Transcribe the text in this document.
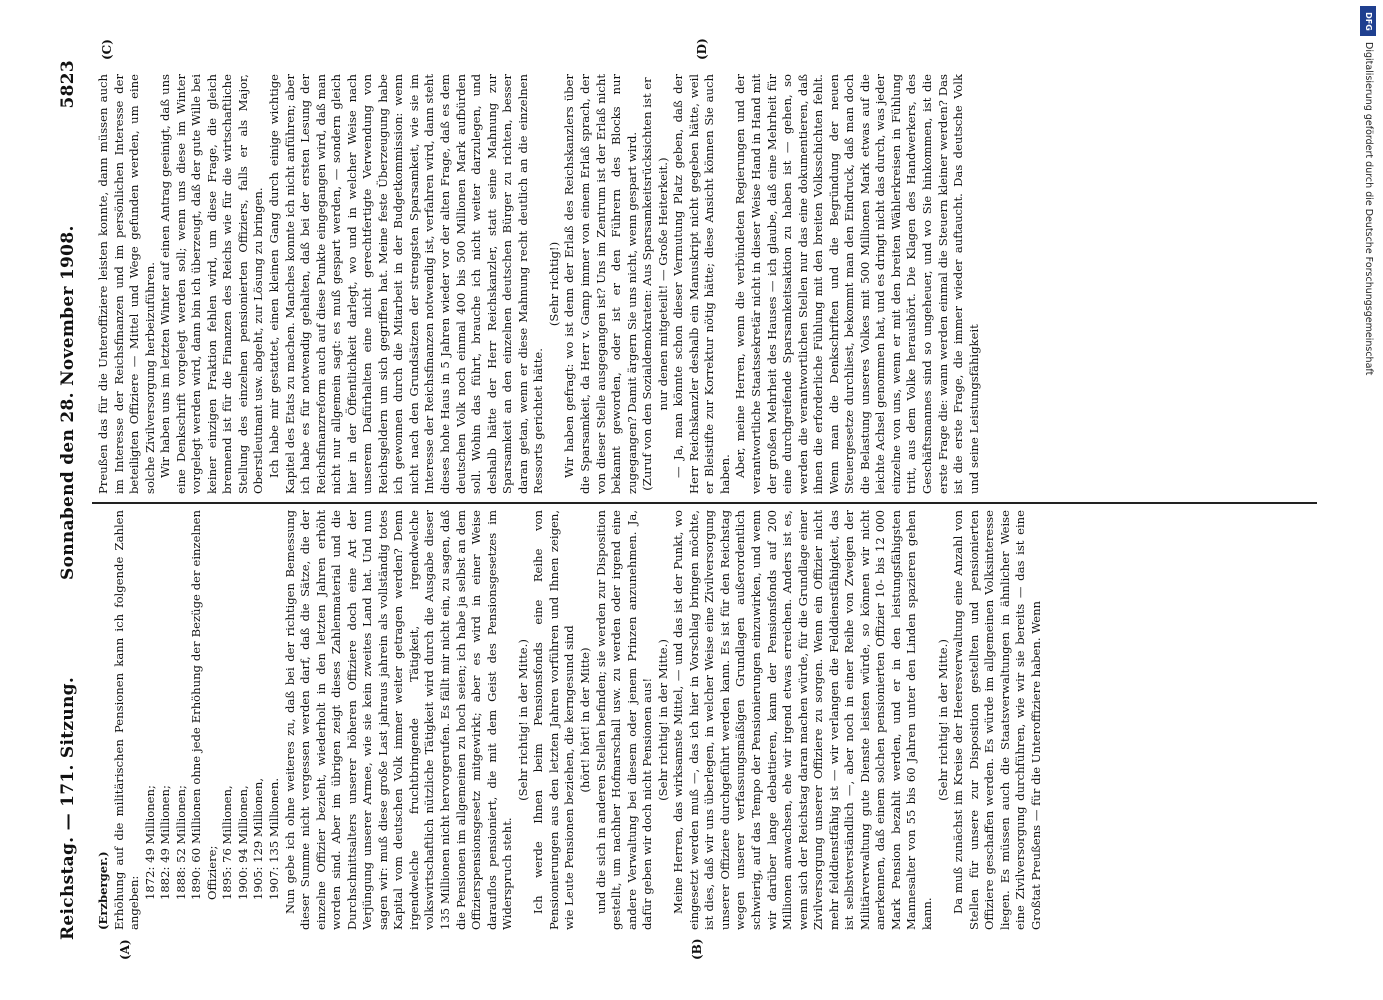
Reichstag. — 171. Sitzung.
Sonnabend den 28. November 1908.
5823
(A)	(B)
(C)	(D)

(Erzberger.) Erhöhung auf die militärischen Pensionen kann ich folgende Zahlen angeben:

1872: 49 Millionen; 1882: 49 Millionen; 1888: 52 Millionen; 1890: 60 Millionen ohne jede Erhöhung der Bezüge der einzelnen Offiziere; 1895: 76 Millionen, 1900: 94 Millionen, 1905: 129 Millionen, 1907: 135 Millionen. Nun gebe ich ohne weiteres zu, daß bei der richtigen Bemessung dieser Summe nicht vergessen werden darf, daß die Sätze, die der einzelne Offizier bezieht, wiederholt in den letzten Jahren erhöht worden sind. Aber im übrigen zeigt dieses Zahlenmaterial und die Durchschnittsalters unserer höheren Offiziere doch eine Art der Verjüngung unserer Armee, wie sie kein zweites Land hat. Und nun sagen wir: muß diese große Last jahraus jahrein als vollständig totes Kapital vom deutschen Volk immer weiter getragen werden? Denn irgendwelche fruchtbringende Tätigkeit, irgendwelche volkswirtschaftlich nützliche Tätigkeit wird durch die Ausgabe dieser 135 Millionen nicht hervorgerufen. Es fällt mir nicht ein, zu sagen, daß die Pensionen im allgemeinen zu hoch seien; ich habe ja selbst an dem Offizierspensionsgesetz mitgewirkt; aber es wird in einer Weise darauflos pensioniert, die mit dem Geist des Pensionsgesetzes im Widerspruch steht.

(Sehr richtig! in der Mitte.) Ich werde Ihnen beim Pensionsfonds eine Reihe von Pensionierungen aus den letzten Jahren vorführen und Ihnen zeigen, wie Leute Pensionen beziehen, die kerngesund sind (hört! hört! in der Mitte) und die sich in anderen Stellen befinden; sie werden zur Disposition gestellt, um nachher Hofmarschall usw. zu werden oder irgend eine andere Verwaltung bei diesem oder jenem Prinzen anzunehmen. Ja, dafür geben wir doch nicht Pensionen aus! (Sehr richtig! in der Mitte.) Meine Herren, das wirksamste Mittel, — und das ist der Punkt, wo eingesetzt werden muß —, das ich hier in Vorschlag bringen möchte, ist dies, daß wir uns überlegen, in welcher Weise eine Zivilversorgung unserer Offiziere durchgeführt werden kann. Es ist für den Reichstag wegen unserer verfassungsmäßigen Grundlagen außerordentlich schwierig, auf das Tempo der Pensionierungen einzuwirken, und wenn wir darüber lange debattieren, kann der Pensionsfonds auf 200 Millionen anwachsen, ehe wir irgend etwas erreichen. Anders ist es, wenn sich der Reichstag daran machen würde, für die Grundlage einer Zivilversorgung unserer Offiziere zu sorgen. Wenn ein Offizier nicht mehr felddienstfähig ist — wir verlangen die Felddienstfähigkeit, das ist selbstverständlich —, aber noch in einer Reihe von Zweigen der Militärverwaltung gute Dienste leisten würde, so können wir nicht anerkennen, daß einem solchen pensionierten Offizier 10- bis 12 000 Mark Pension bezahlt werden, und er in den leistungsfähigsten Mannesalter von 55 bis 60 Jahren unter den Linden spazieren gehen kann.

(Sehr richtig! in der Mitte.) Da muß zunächst im Kreise der Heeresverwaltung eine Anzahl von Stellen für unsere zur Disposition gestellten und pensionierten Offiziere geschaffen werden. Es würde im allgemeinen Volksinteresse liegen. Es müssen auch die Staatsverwaltungen in ähnlicher Weise eine Zivilversorgung durchführen, wie wir sie bereits — das ist eine Großtat Preußens — für die Unteroffiziere haben. Wenn

Preußen das für die Unteroffiziere leisten konnte, dann müssen auch im Interesse der Reichsfinanzen und im persönlichen Interesse der beteiligten Offiziere — Mittel und Wege gefunden werden, um eine solche Zivilversorgung herbeizuführen. Wir haben uns im letzten Winter auf einen Antrag geeinigt, daß uns eine Denkschrift vorgelegt werden soll; wenn uns diese im Winter vorgelegt werden wird, dann bin ich überzeugt, daß der gute Wille bei keiner einzigen Fraktion fehlen wird, um diese Frage, die gleich brennend ist für die Finanzen des Reichs wie für die wirtschaftliche Stellung des einzelnen pensionierten Offiziers, falls er als Major, Oberstleutnant usw. abgeht, zur Lösung zu bringen. Ich habe mir gestattet, einen kleinen Gang durch einige wichtige Kapitel des Etats zu machen. Manches konnte ich nicht anführen; aber ich habe es für notwendig gehalten, daß bei der ersten Lesung der Reichsfinanzreform auch auf diese Punkte eingegangen wird, daß man nicht nur allgemein sagt: es muß gespart werden, — sondern gleich hier in der Öffentlichkeit darlegt, wo und in welcher Weise nach unserem Dafürhalten eine nicht gerechtfertigte Verwendung von Reichsgeldern um sich gegriffen hat. Meine feste Überzeugung habe ich gewonnen durch die Mitarbeit in der Budgetkommission: wenn nicht nach den Grundsätzen der strengsten Sparsamkeit, wie sie im Interesse der Reichsfinanzen notwendig ist, verfahren wird, dann steht dieses hohe Haus in 5 Jahren wieder vor der alten Frage, daß es dem deutschen Volk noch einmal 400 bis 500 Millionen Mark aufbürden soll. Wohin das führt, brauche ich nicht weiter darzulegen, und deshalb hätte der Herr Reichskanzler, statt seine Mahnung zur Sparsamkeit an den einzelnen deutschen Bürger zu richten, besser daran getan, wenn er diese Mahnung recht deutlich an die einzelnen Ressorts gerichtet hätte.

(Sehr richtig!) Wir haben gefragt: wo ist denn der Erlaß des Reichskanzlers über die Sparsamkeit, da Herr v. Gamp immer von einem Erlaß sprach, der von dieser Stelle ausgegangen ist? Uns im Zentrum ist der Erlaß nicht bekannt geworden, oder ist er den Führern des Blocks nur zugegangen? Damit ärgern Sie uns nicht, wenn gespart wird. (Zuruf von den Sozialdemokraten: Aus Sparsamkeitsrücksichten ist er nur denen mitgeteilt! — Große Heiterkeit.) — Ja, man könnte schon dieser Vermutung Platz geben, daß der Herr Reichskanzler deshalb ein Manuskript nicht gegeben hätte, weil er Bleistifte zur Korrektur nötig hätte; diese Ansicht können Sie auch haben. Aber, meine Herren, wenn die verbündeten Regierungen und der verantwortliche Staatssekretär nicht in dieser Weise Hand in Hand mit der großen Mehrheit des Hauses — ich glaube, daß eine Mehrheit für eine durchgreifende Sparsamkeitsaktion zu haben ist — gehen, so werden die verantwortlichen Stellen nur das eine dokumentieren, daß ihnen die erforderliche Fühlung mit den breiten Volksschichten fehlt. Wenn man die Denkschriften und die Begründung der neuen Steuergesetze durchliest, bekommt man den Eindruck, daß man doch die Belastung unseres Volkes mit 500 Millionen Mark etwas auf die leichte Achsel genommen hat, und es dringt nicht das durch, was jeder einzelne von uns, wenn er mit den breiten Wählerkreisen in Fühlung tritt, aus dem Volke heraushört. Die Klagen des Handwerkers, des Geschäftsmannes sind so ungeheuer, und wo Sie hinkommen, ist die erste Frage die: wann werden einmal die Steuern kleiner werden? Das ist die erste Frage, die immer wieder auftaucht. Das deutsche Volk und seine Leistungsfähigkeit

DFG
Digitalisierung gefördert durch die Deutsche Forschungsgemeinschaft
